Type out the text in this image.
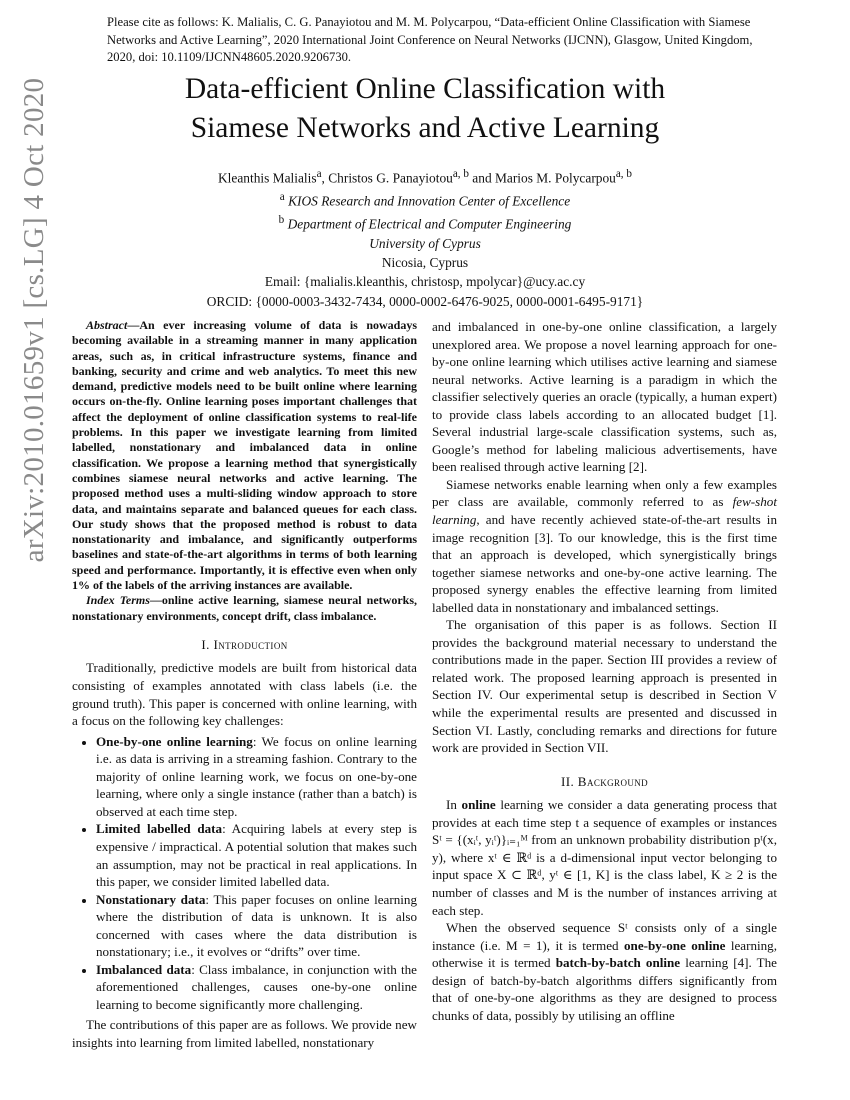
Please cite as follows: K. Malialis, C. G. Panayiotou and M. M. Polycarpou, “Data-efficient Online Classification with Siamese Networks and Active Learning”, 2020 International Joint Conference on Neural Networks (IJCNN), Glasgow, United Kingdom, 2020, doi: 10.1109/IJCNN48605.2020.9206730.
Data-efficient Online Classification with
Siamese Networks and Active Learning
Kleanthis Malialis$^a$, Christos G. Panayiotou$^{a, b}$ and Marios M. Polycarpou$^{a, b}$
$^a$ KIOS Research and Innovation Center of Excellence
$^b$ Department of Electrical and Computer Engineering
University of Cyprus
Nicosia, Cyprus
Email: {malialis.kleanthis, christosp, mpolycar}@ucy.ac.cy
ORCID: {0000-0003-3432-7434, 0000-0002-6476-9025, 0000-0001-6495-9171}
arXiv:2010.01659v1 [cs.LG] 4 Oct 2020	Abstract—An ever increasing volume of data is nowadays becoming available in a streaming manner in many application areas, such as, in critical infrastructure systems, finance and banking, security and crime and web analytics. To meet this new demand, predictive models need to be built online where learning occurs on-the-fly. Online learning poses important challenges that affect the deployment of online classification systems to real-life problems. In this paper we investigate learning from limited labelled, nonstationary and imbalanced data in online classification. We propose a learning method that synergistically combines siamese neural networks and active learning. The proposed method uses a multi-sliding window approach to store data, and maintains separate and balanced queues for each class. Our study shows that the proposed method is robust to data nonstationarity and imbalance, and significantly outperforms baselines and state-of-the-art algorithms in terms of both learning speed and performance. Importantly, it is effective even when only 1% of the labels of the arriving instances are available.

Index Terms—online active learning, siamese neural networks, nonstationary environments, concept drift, class imbalance.

I. Introduction

Traditionally, predictive models are built from historical data consisting of examples annotated with class labels (i.e. the ground truth). This paper is concerned with online learning, with a focus on the following key challenges:

• One-by-one online learning: We focus on online learning i.e. as data is arriving in a streaming fashion. Contrary to the majority of online learning work, we focus on one-by-one learning, where only a single instance (rather than a batch) is observed at each time step.
• Limited labelled data: Acquiring labels at every step is expensive / impractical. A potential solution that makes such an assumption, may not be practical in real applications. In this paper, we consider limited labelled data.
• Nonstationary data: This paper focuses on online learning where the distribution of data is unknown. It is also concerned with cases where the data distribution is nonstationary; i.e., it evolves or “drifts” over time.
• Imbalanced data: Class imbalance, in conjunction with the aforementioned challenges, causes one-by-one online learning to become significantly more challenging.

The contributions of this paper are as follows. We provide new insights into learning from limited labelled, nonstationary

and imbalanced in one-by-one online classification, a largely unexplored area. We propose a novel learning approach for one-by-one online learning which utilises active learning and siamese neural networks. Active learning is a paradigm in which the classifier selectively queries an oracle (typically, a human expert) to provide class labels according to an allocated budget [1]. Several industrial large-scale classification systems, such as, Google’s method for labeling malicious advertisements, have been realised through active learning [2].

Siamese networks enable learning when only a few examples per class are available, commonly referred to as few-shot learning, and have recently achieved state-of-the-art results in image recognition [3]. To our knowledge, this is the first time that an approach is developed, which synergistically brings together siamese networks and one-by-one active learning. The proposed synergy enables the effective learning from limited labelled data in nonstationary and imbalanced settings.

The organisation of this paper is as follows. Section II provides the background material necessary to understand the contributions made in the paper. Section III provides a review of related work. The proposed learning approach is presented in Section IV. Our experimental setup is described in Section V while the experimental results are presented and discussed in Section VI. Lastly, concluding remarks and directions for future work are provided in Section VII.

II. Background

In online learning we consider a data generating process that provides at each time step t a sequence of examples or instances Sᵗ = {(xᵢᵗ, yᵢᵗ)}ᵢ₌₁ᴹ from an unknown probability distribution pᵗ(x, y), where xᵗ ∈ ℝᵈ is a d-dimensional input vector belonging to input space X ⊂ ℝᵈ, yᵗ ∈ [1, K] is the class label, K ≥ 2 is the number of classes and M is the number of instances arriving at each step.

When the observed sequence Sᵗ consists only of a single instance (i.e. M = 1), it is termed one-by-one online learning, otherwise it is termed batch-by-batch online learning [4]. The design of batch-by-batch algorithms differs significantly from that of one-by-one algorithms as they are designed to process chunks of data, possibly by utilising an offline
